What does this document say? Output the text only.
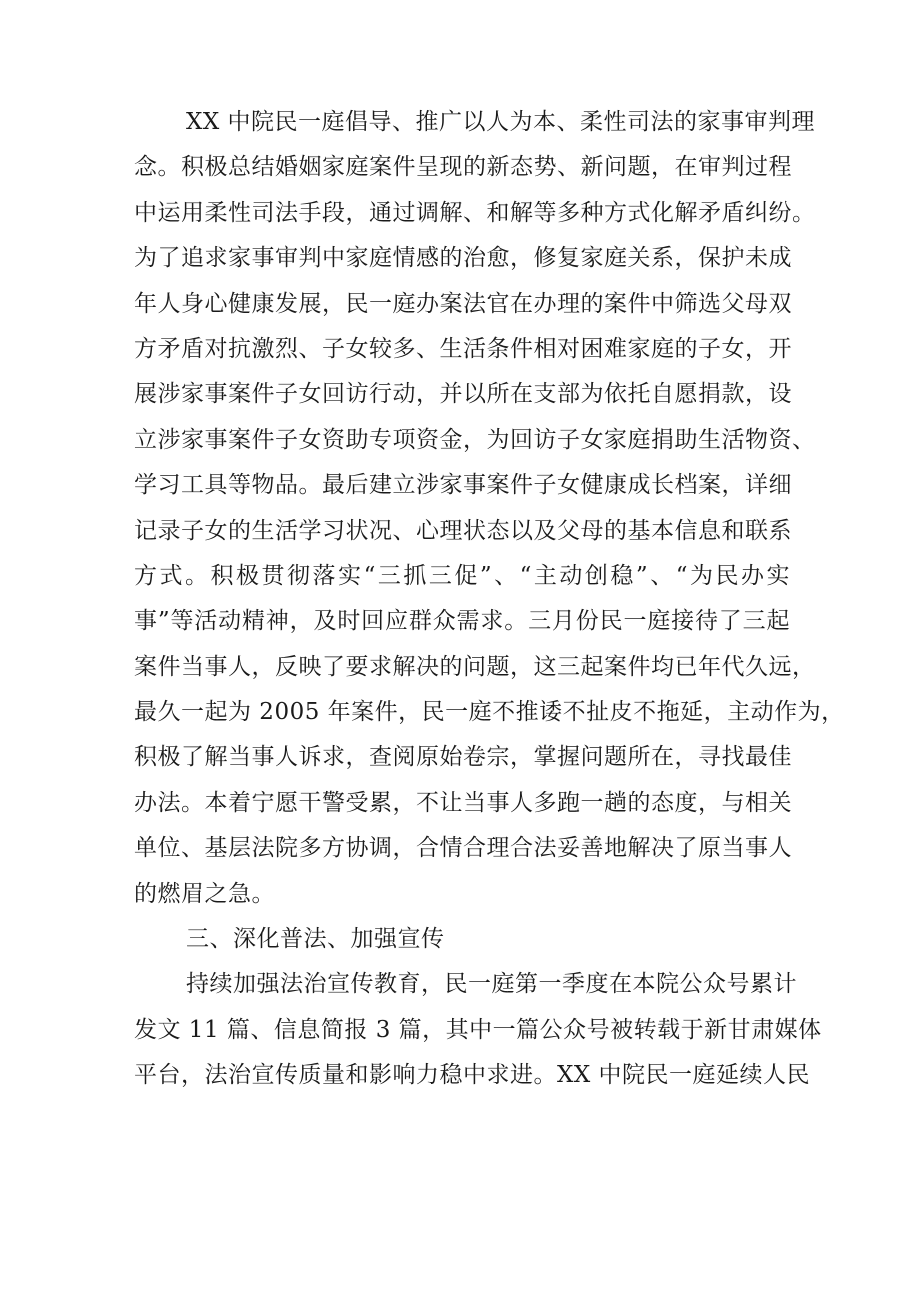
XX 中院民一庭倡导、推广以人为本、柔性司法的家事审判理
念。积极总结婚姻家庭案件呈现的新态势、新问题，在审判过程
中运用柔性司法手段，通过调解、和解等多种方式化解矛盾纠纷。
为了追求家事审判中家庭情感的治愈，修复家庭关系，保护未成
年人身心健康发展，民一庭办案法官在办理的案件中筛选父母双
方矛盾对抗激烈、子女较多、生活条件相对困难家庭的子女，开
展涉家事案件子女回访行动，并以所在支部为依托自愿捐款，设
立涉家事案件子女资助专项资金，为回访子女家庭捐助生活物资、
学习工具等物品。最后建立涉家事案件子女健康成长档案，详细
记录子女的生活学习状况、心理状态以及父母的基本信息和联系
方式。积极贯彻落实“三抓三促”、“主动创稳”、“为民办实
事”等活动精神，及时回应群众需求。三月份民一庭接待了三起
案件当事人，反映了要求解决的问题，这三起案件均已年代久远，
最久一起为 2005 年案件，民一庭不推诿不扯皮不拖延，主动作为，
积极了解当事人诉求，查阅原始卷宗，掌握问题所在，寻找最佳
办法。本着宁愿干警受累，不让当事人多跑一趟的态度，与相关
单位、基层法院多方协调，合情合理合法妥善地解决了原当事人
的燃眉之急。
三、深化普法、加强宣传
持续加强法治宣传教育，民一庭第一季度在本院公众号累计
发文 11 篇、信息简报 3 篇，其中一篇公众号被转载于新甘肃媒体
平台，法治宣传质量和影响力稳中求进。XX 中院民一庭延续人民
